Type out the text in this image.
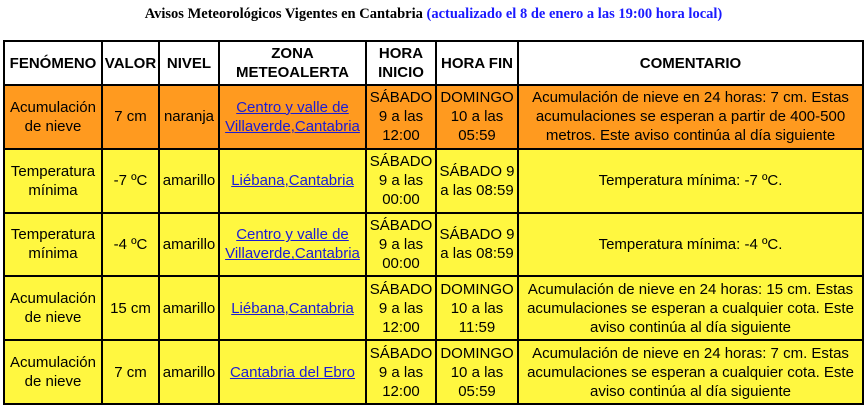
Avisos Meteorológicos Vigentes en Cantabria (actualizado el 8 de enero a las 19:00 hora local)
FENÓMENO	VALOR	NIVEL	ZONA METEOALERTA	HORA INICIO	HORA FIN	COMENTARIO
Acumulación de nieve	7 cm	naranja	Centro y valle de Villaverde,Cantabria	SÁBADO 9 a las 12:00	DOMINGO 10 a las 05:59	Acumulación de nieve en 24 horas: 7 cm. Estas acumulaciones se esperan a partir de 400-500 metros. Este aviso continúa al día siguiente
Temperatura mínima	-7 ºC	amarillo	Liébana,Cantabria	SÁBADO 9 a las 00:00	SÁBADO 9 a las 08:59	Temperatura mínima: -7 ºC.
Temperatura mínima	-4 ºC	amarillo	Centro y valle de Villaverde,Cantabria	SÁBADO 9 a las 00:00	SÁBADO 9 a las 08:59	Temperatura mínima: -4 ºC.
Acumulación de nieve	15 cm	amarillo	Liébana,Cantabria	SÁBADO 9 a las 12:00	DOMINGO 10 a las 11:59	Acumulación de nieve en 24 horas: 15 cm. Estas acumulaciones se esperan a cualquier cota. Este aviso continúa al día siguiente
Acumulación de nieve	7 cm	amarillo	Cantabria del Ebro	SÁBADO 9 a las 12:00	DOMINGO 10 a las 05:59	Acumulación de nieve en 24 horas: 7 cm. Estas acumulaciones se esperan a cualquier cota. Este aviso continúa al día siguiente
